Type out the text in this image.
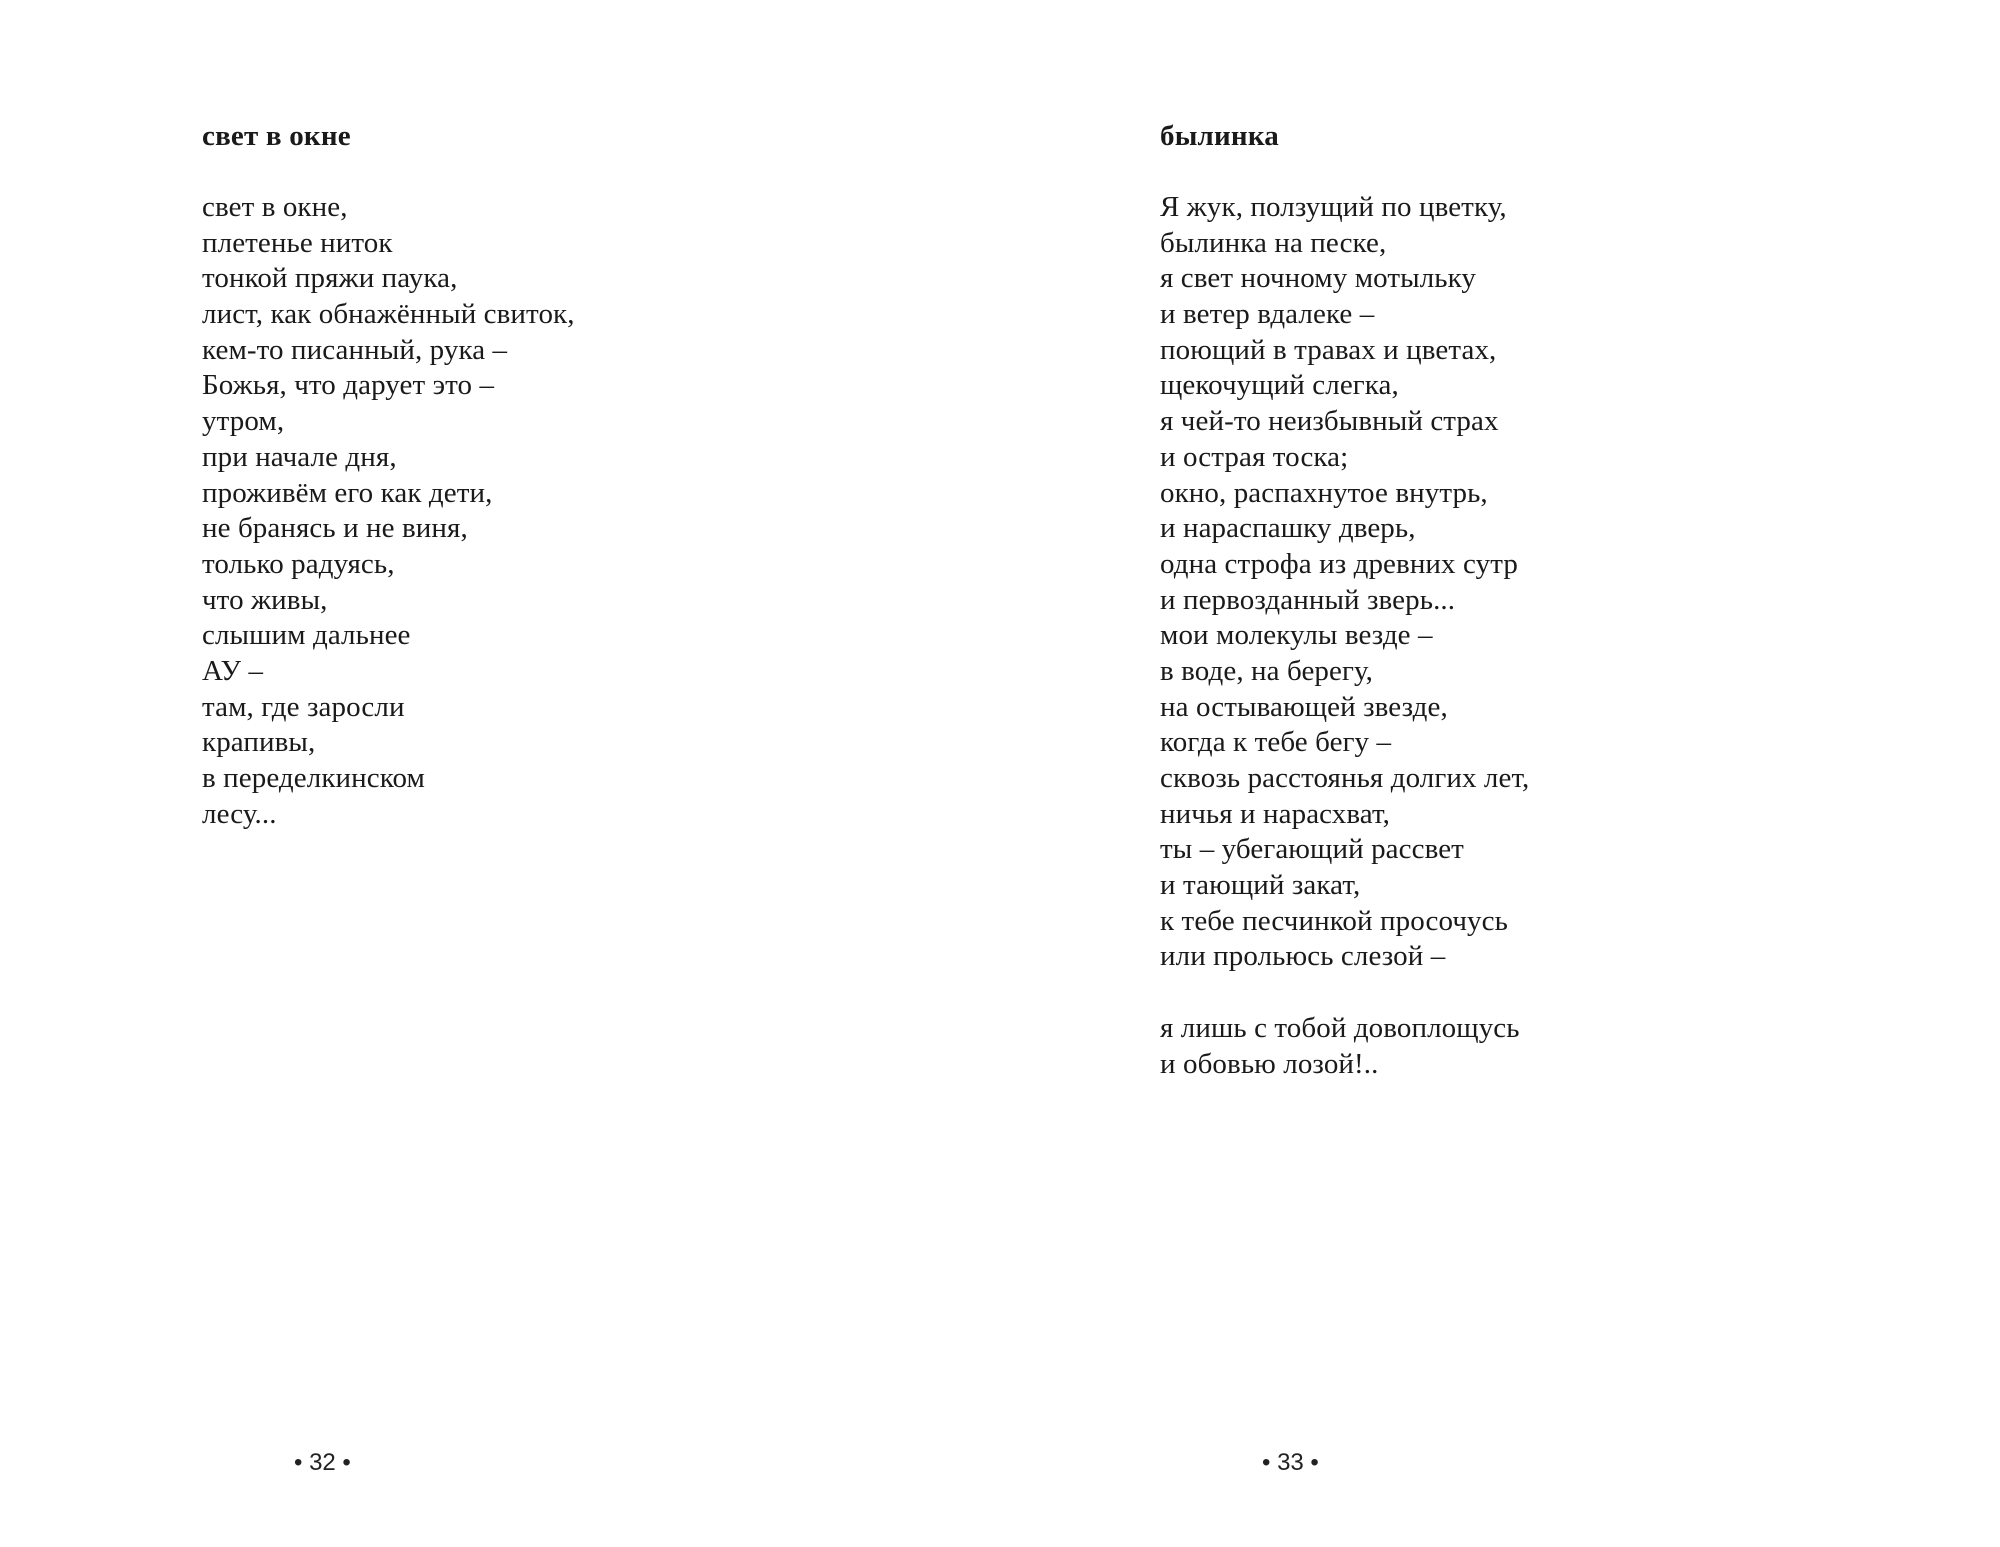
свет в окне
свет в окне,
плетенье ниток
тонкой пряжи паука,
лист, как обнажённый свиток,
кем-то писанный, рука –
Божья, что дарует это –
утром,
при начале дня,
проживём его как дети,
не бранясь и не виня,
только радуясь,
что живы,
слышим дальнее
АУ –
там, где заросли
крапивы,
в переделкинском
лесу...
• 32 •
былинка
Я жук, ползущий по цветку,
былинка на песке,
я свет ночному мотыльку
и ветер вдалеке –
поющий в травах и цветах,
щекочущий слегка,
я чей-то неизбывный страх
и острая тоска;
окно, распахнутое внутрь,
и нараспашку дверь,
одна строфа из древних сутр
и первозданный зверь...
мои молекулы везде –
в воде, на берегу,
на остывающей звезде,
когда к тебе бегу –
сквозь расстоянья долгих лет,
ничья и нарасхват,
ты – убегающий рассвет
и тающий закат,
к тебе песчинкой просочусь
или прольюсь слезой –
я лишь с тобой довоплощусь
и обовью лозой!..
• 33 •
